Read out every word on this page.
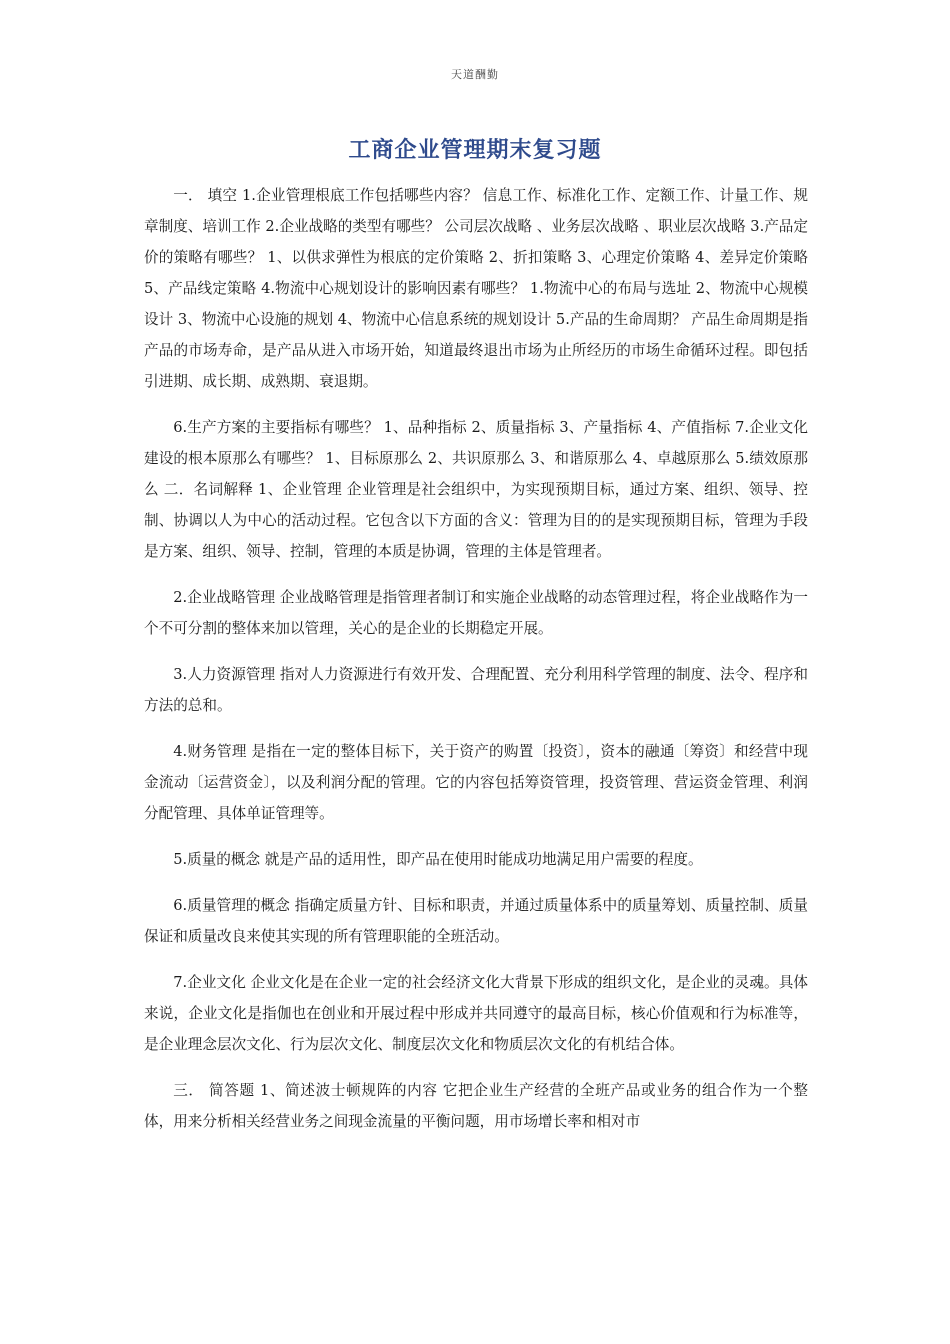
天道酬勤
工商企业管理期末复习题

一． 填空 1.企业管理根底工作包括哪些内容？ 信息工作、标准化工作、定额工作、计量工作、规章制度、培训工作 2.企业战略的类型有哪些？ 公司层次战略 、业务层次战略 、职业层次战略 3.产品定价的策略有哪些？ 1、以供求弹性为根底的定价策略 2、折扣策略 3、心理定价策略 4、差异定价策略 5、产品线定策略 4.物流中心规划设计的影响因素有哪些？ 1.物流中心的布局与选址 2、物流中心规模设计 3、物流中心设施的规划 4、物流中心信息系统的规划设计 5.产品的生命周期？ 产品生命周期是指产品的市场寿命，是产品从进入市场开始，知道最终退出市场为止所经历的市场生命循环过程。即包括引进期、成长期、成熟期、衰退期。

6.生产方案的主要指标有哪些？ 1、品种指标 2、质量指标 3、产量指标 4、产值指标 7.企业文化建设的根本原那么有哪些？ 1、目标原那么 2、共识原那么 3、和谐原那么 4、卓越原那么 5.绩效原那么 二．名词解释 1、企业管理 企业管理是社会组织中，为实现预期目标，通过方案、组织、领导、控制、协调以人为中心的活动过程。它包含以下方面的含义：管理为目的的是实现预期目标，管理为手段是方案、组织、领导、控制，管理的本质是协调，管理的主体是管理者。

2.企业战略管理 企业战略管理是指管理者制订和实施企业战略的动态管理过程，将企业战略作为一个不可分割的整体来加以管理，关心的是企业的长期稳定开展。

3.人力资源管理 指对人力资源进行有效开发、合理配置、充分利用科学管理的制度、法令、程序和方法的总和。

4.财务管理 是指在一定的整体目标下，关于资产的购置〔投资〕，资本的融通〔筹资〕和经营中现金流动〔运营资金〕，以及利润分配的管理。它的内容包括筹资管理，投资管理、营运资金管理、利润分配管理、具体单证管理等。

5.质量的概念 就是产品的适用性，即产品在使用时能成功地满足用户需要的程度。

6.质量管理的概念 指确定质量方针、目标和职责，并通过质量体系中的质量筹划、质量控制、质量保证和质量改良来使其实现的所有管理职能的全班活动。

7.企业文化 企业文化是在企业一定的社会经济文化大背景下形成的组织文化，是企业的灵魂。具体来说，企业文化是指伽也在创业和开展过程中形成并共同遵守的最高目标，核心价值观和行为标准等，是企业理念层次文化、行为层次文化、制度层次文化和物质层次文化的有机结合体。

三． 简答题 1、简述波士顿规阵的内容 它把企业生产经营的全班产品或业务的组合作为一个整体，用来分析相关经营业务之间现金流量的平衡问题，用市场增长率和相对市
